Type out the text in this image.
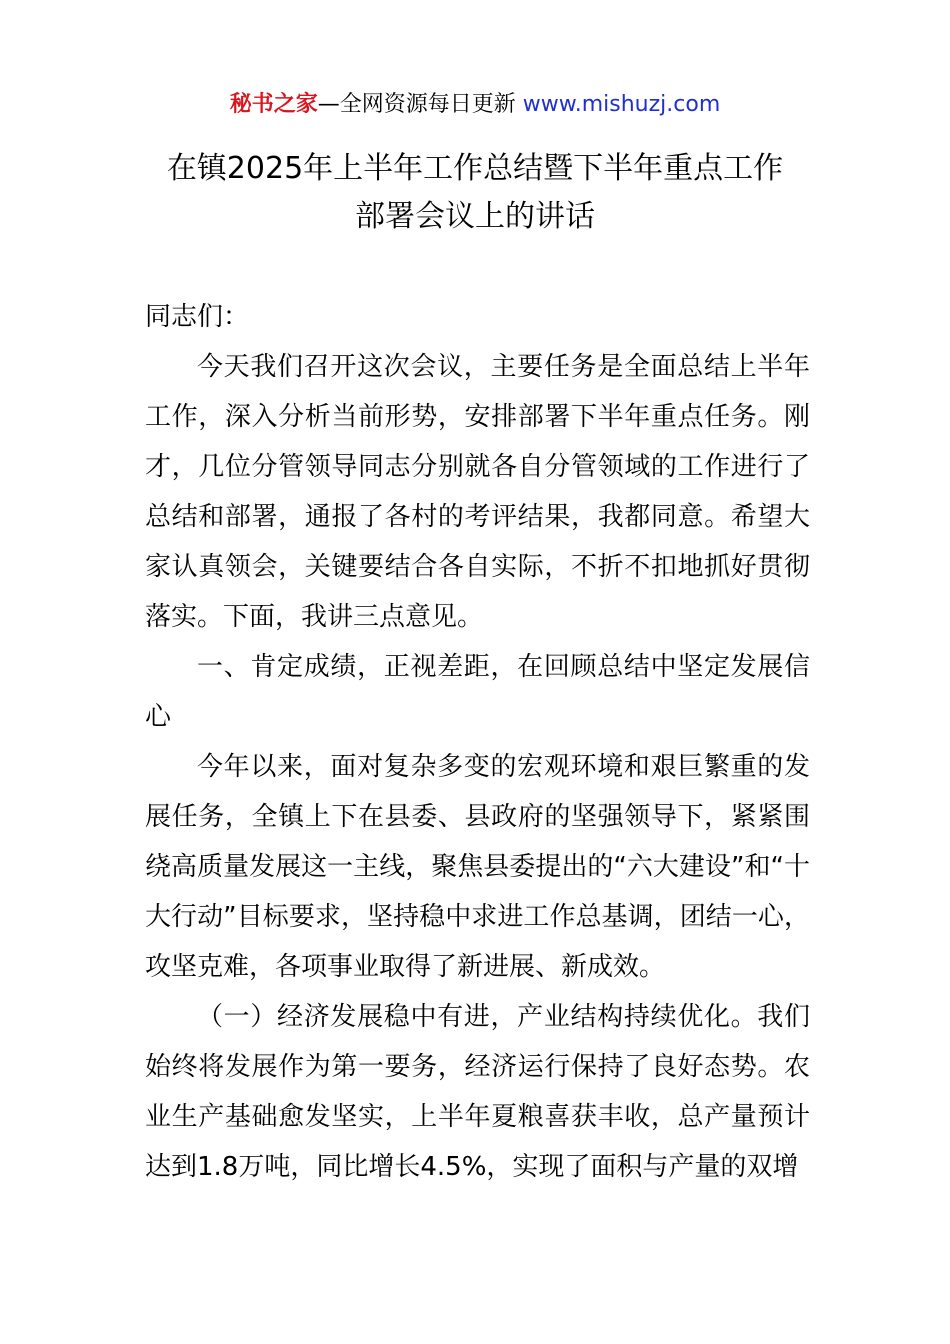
秘书之家—全网资源每日更新 www.mishuzj.com
在镇2025年上半年工作总结暨下半年重点工作
部署会议上的讲话

同志们：

今天我们召开这次会议，主要任务是全面总结上半年工作，深入分析当前形势，安排部署下半年重点任务。刚才，几位分管领导同志分别就各自分管领域的工作进行了总结和部署，通报了各村的考评结果，我都同意。希望大家认真领会，关键要结合各自实际，不折不扣地抓好贯彻落实。下面，我讲三点意见。

一、肯定成绩，正视差距，在回顾总结中坚定发展信心

今年以来，面对复杂多变的宏观环境和艰巨繁重的发展任务，全镇上下在县委、县政府的坚强领导下，紧紧围绕高质量发展这一主线，聚焦县委提出的“六大建设”和“十大行动”目标要求，坚持稳中求进工作总基调，团结一心，攻坚克难，各项事业取得了新进展、新成效。

（一）经济发展稳中有进，产业结构持续优化。我们始终将发展作为第一要务，经济运行保持了良好态势。农业生产基础愈发坚实，上半年夏粮喜获丰收，总产量预计达到1.8万吨，同比增长4.5%，实现了面积与产量的双增
